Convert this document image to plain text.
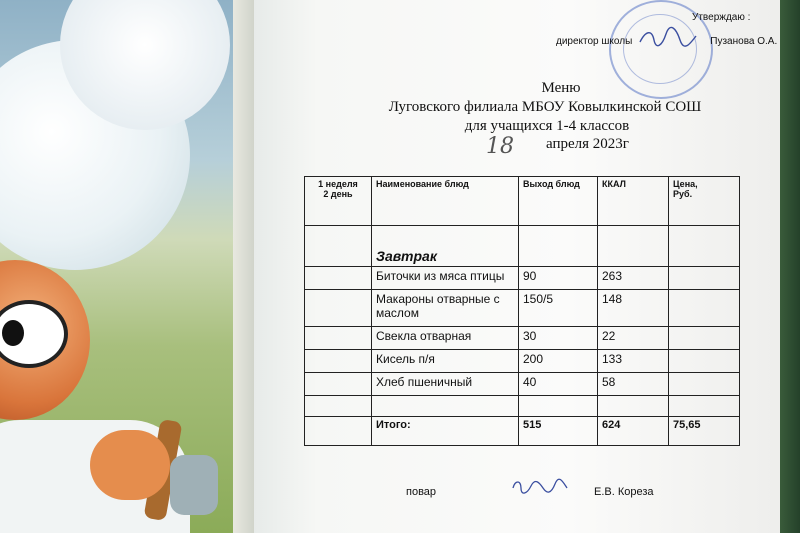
Утверждаю :
директор школы	Пузанова О.А.
Меню
Луговского филиала МБОУ Ковылкинской СОШ
для учащихся 1-4 классов
18 апреля 2023г
1 неделя
2 день	Наименование блюд	Выход блюд	ККАЛ	Цена,
Руб.
	Завтрак			
	Биточки из мяса птицы	90	263	
	Макароны отварные с маслом	150/5	148	
	Свекла отварная	30	22	
	Кисель п/я	200	133	
	Хлеб пшеничный	40	58	

	Итого:	515	624	75,65
повар	Е.В. Кореза
